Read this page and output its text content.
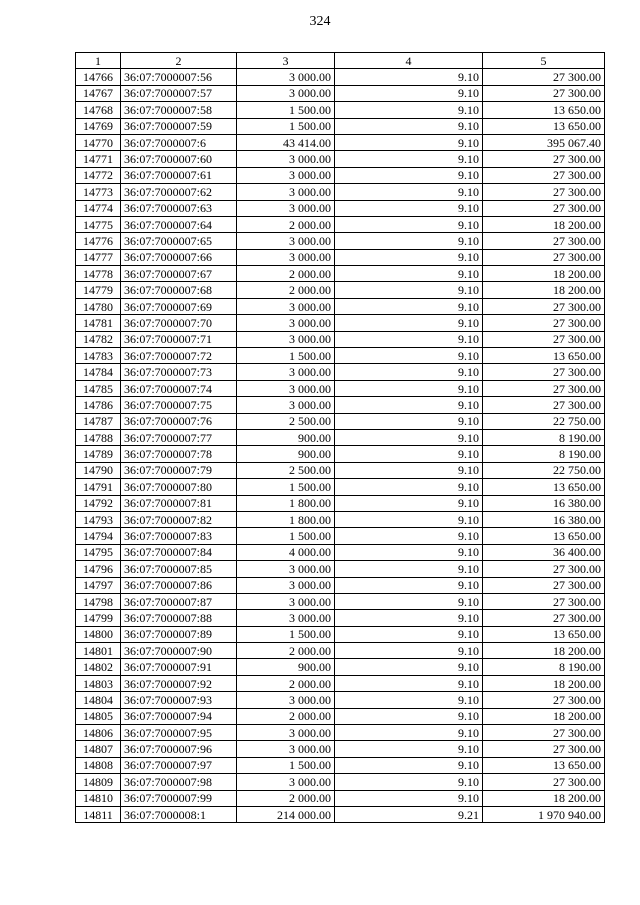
324
1	2	3	4	5
14766	36:07:7000007:56	3 000.00	9.10	27 300.00
14767	36:07:7000007:57	3 000.00	9.10	27 300.00
14768	36:07:7000007:58	1 500.00	9.10	13 650.00
14769	36:07:7000007:59	1 500.00	9.10	13 650.00
14770	36:07:7000007:6	43 414.00	9.10	395 067.40
14771	36:07:7000007:60	3 000.00	9.10	27 300.00
14772	36:07:7000007:61	3 000.00	9.10	27 300.00
14773	36:07:7000007:62	3 000.00	9.10	27 300.00
14774	36:07:7000007:63	3 000.00	9.10	27 300.00
14775	36:07:7000007:64	2 000.00	9.10	18 200.00
14776	36:07:7000007:65	3 000.00	9.10	27 300.00
14777	36:07:7000007:66	3 000.00	9.10	27 300.00
14778	36:07:7000007:67	2 000.00	9.10	18 200.00
14779	36:07:7000007:68	2 000.00	9.10	18 200.00
14780	36:07:7000007:69	3 000.00	9.10	27 300.00
14781	36:07:7000007:70	3 000.00	9.10	27 300.00
14782	36:07:7000007:71	3 000.00	9.10	27 300.00
14783	36:07:7000007:72	1 500.00	9.10	13 650.00
14784	36:07:7000007:73	3 000.00	9.10	27 300.00
14785	36:07:7000007:74	3 000.00	9.10	27 300.00
14786	36:07:7000007:75	3 000.00	9.10	27 300.00
14787	36:07:7000007:76	2 500.00	9.10	22 750.00
14788	36:07:7000007:77	900.00	9.10	8 190.00
14789	36:07:7000007:78	900.00	9.10	8 190.00
14790	36:07:7000007:79	2 500.00	9.10	22 750.00
14791	36:07:7000007:80	1 500.00	9.10	13 650.00
14792	36:07:7000007:81	1 800.00	9.10	16 380.00
14793	36:07:7000007:82	1 800.00	9.10	16 380.00
14794	36:07:7000007:83	1 500.00	9.10	13 650.00
14795	36:07:7000007:84	4 000.00	9.10	36 400.00
14796	36:07:7000007:85	3 000.00	9.10	27 300.00
14797	36:07:7000007:86	3 000.00	9.10	27 300.00
14798	36:07:7000007:87	3 000.00	9.10	27 300.00
14799	36:07:7000007:88	3 000.00	9.10	27 300.00
14800	36:07:7000007:89	1 500.00	9.10	13 650.00
14801	36:07:7000007:90	2 000.00	9.10	18 200.00
14802	36:07:7000007:91	900.00	9.10	8 190.00
14803	36:07:7000007:92	2 000.00	9.10	18 200.00
14804	36:07:7000007:93	3 000.00	9.10	27 300.00
14805	36:07:7000007:94	2 000.00	9.10	18 200.00
14806	36:07:7000007:95	3 000.00	9.10	27 300.00
14807	36:07:7000007:96	3 000.00	9.10	27 300.00
14808	36:07:7000007:97	1 500.00	9.10	13 650.00
14809	36:07:7000007:98	3 000.00	9.10	27 300.00
14810	36:07:7000007:99	2 000.00	9.10	18 200.00
14811	36:07:7000008:1	214 000.00	9.21	1 970 940.00
